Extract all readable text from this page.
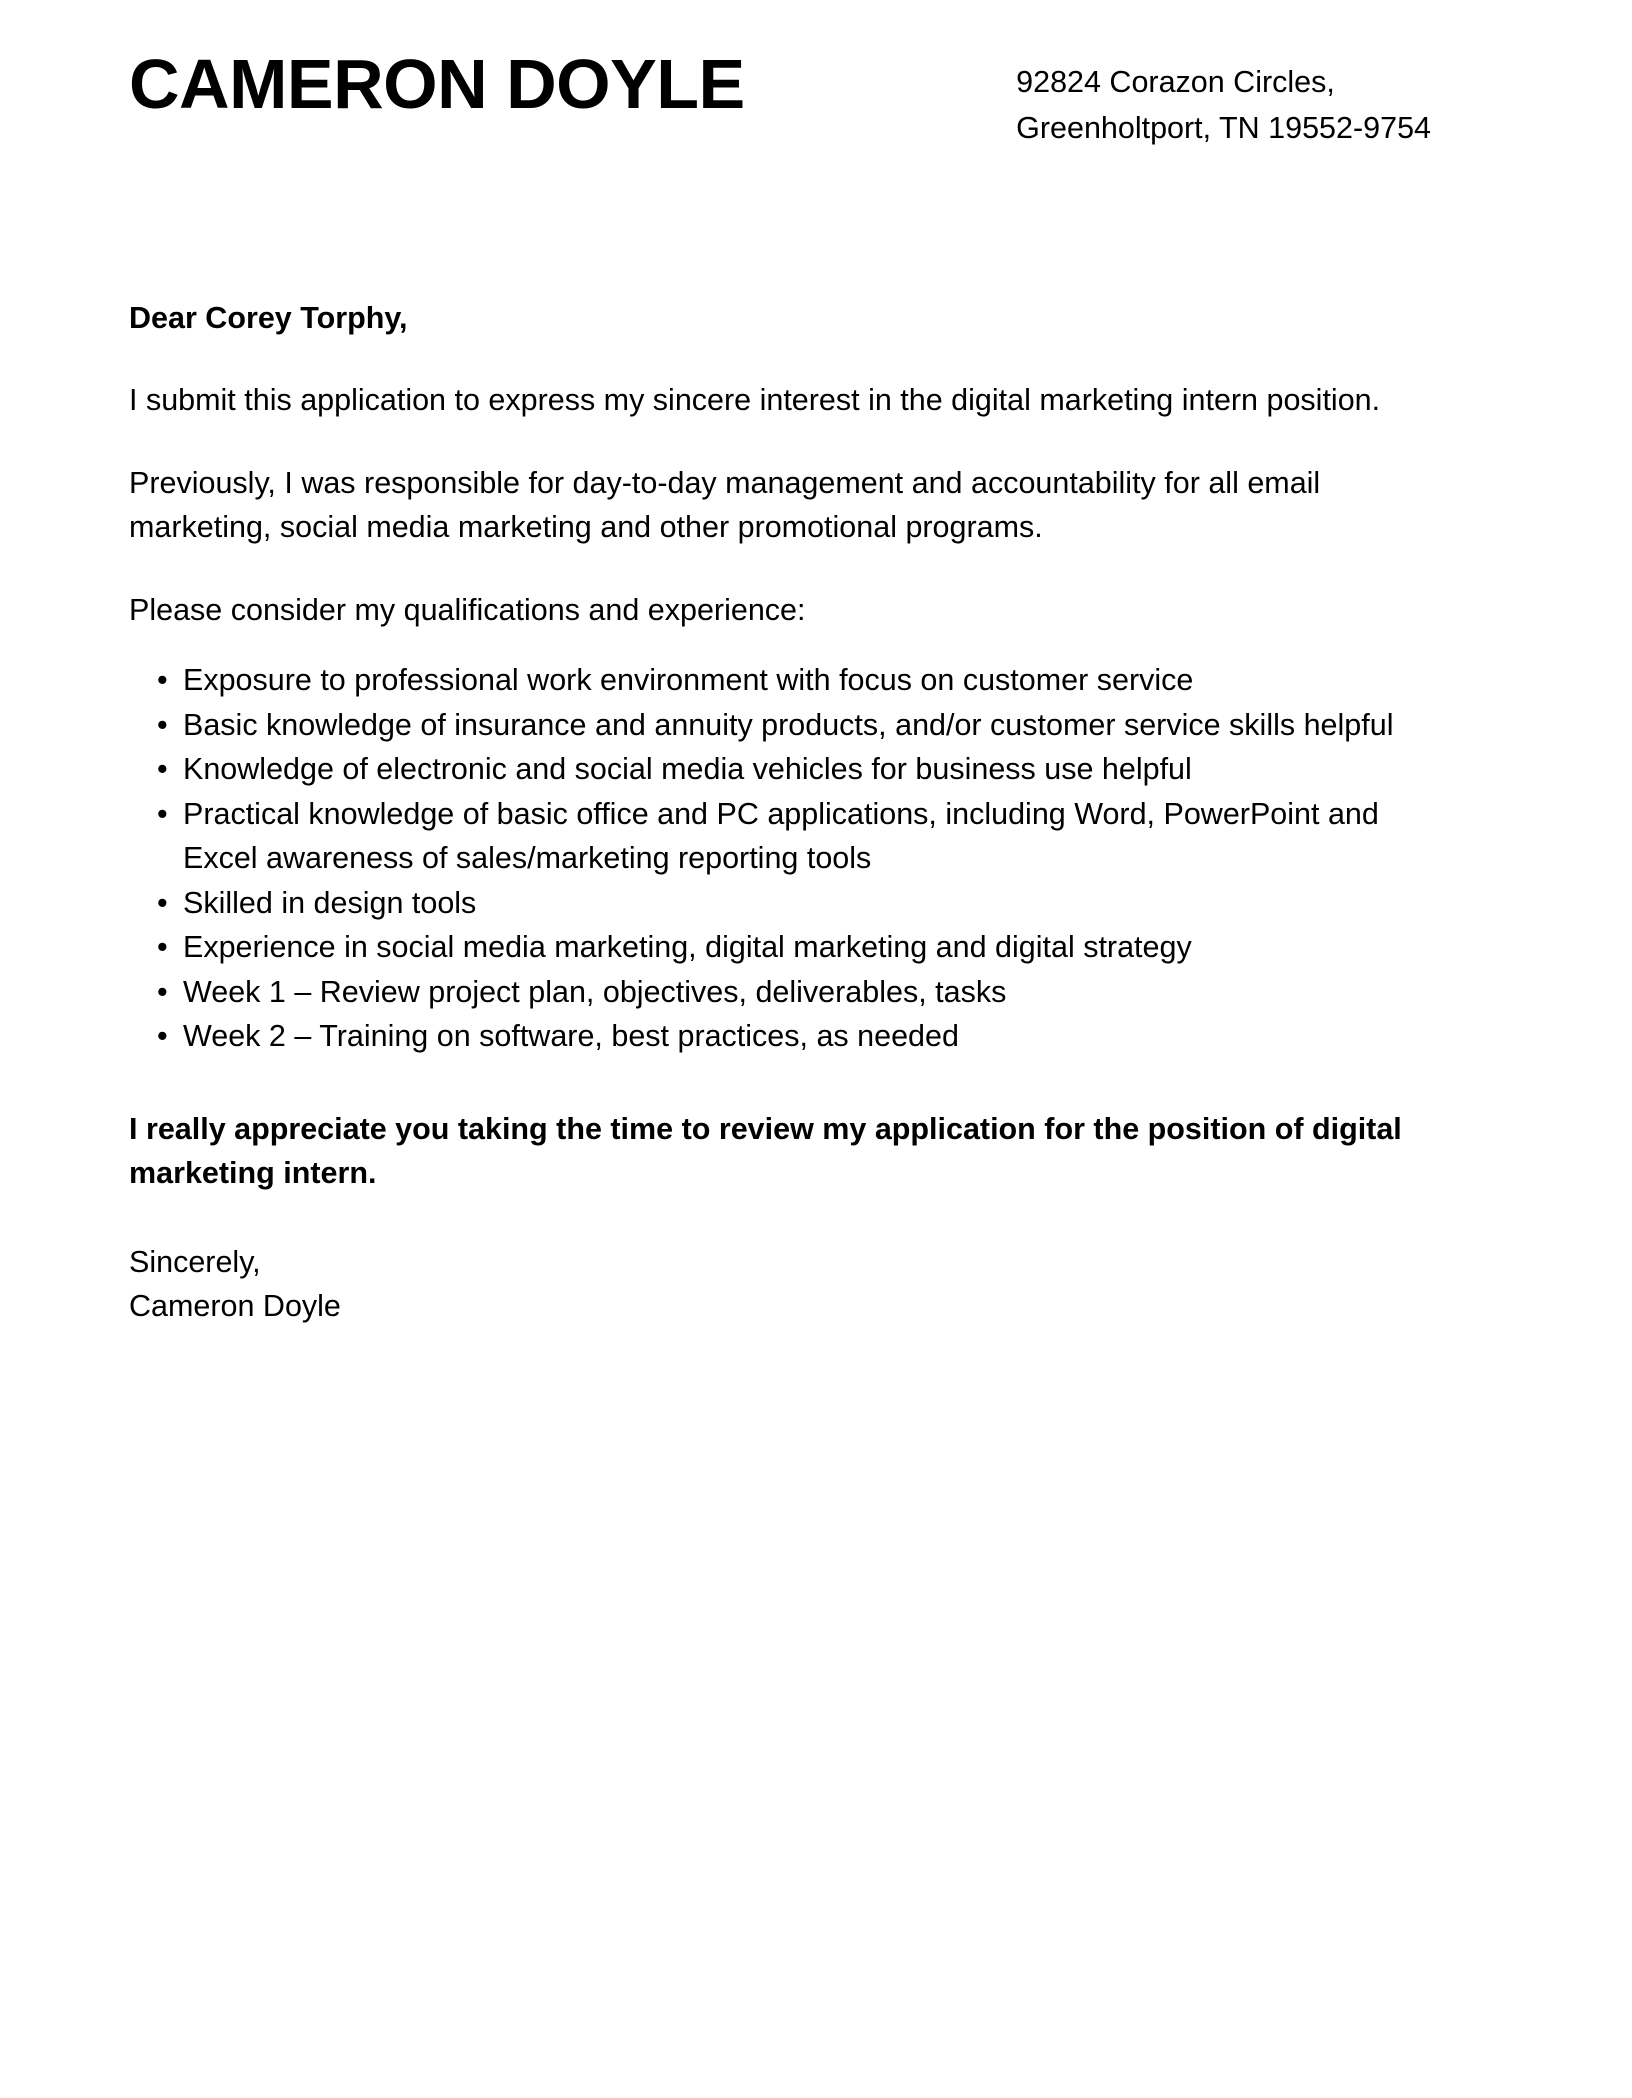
CAMERON DOYLE	92824 Corazon Circles,
Greenholtport, TN 19552-9754

Dear Corey Torphy,

I submit this application to express my sincere interest in the digital marketing intern position.

Previously, I was responsible for day-to-day management and accountability for all email marketing, social media marketing and other promotional programs.

Please consider my qualifications and experience:

• Exposure to professional work environment with focus on customer service
• Basic knowledge of insurance and annuity products, and/or customer service skills helpful
• Knowledge of electronic and social media vehicles for business use helpful
• Practical knowledge of basic office and PC applications, including Word, PowerPoint and Excel awareness of sales/marketing reporting tools
• Skilled in design tools
• Experience in social media marketing, digital marketing and digital strategy
• Week 1 – Review project plan, objectives, deliverables, tasks
• Week 2 – Training on software, best practices, as needed

I really appreciate you taking the time to review my application for the position of digital marketing intern.

Sincerely,
Cameron Doyle
